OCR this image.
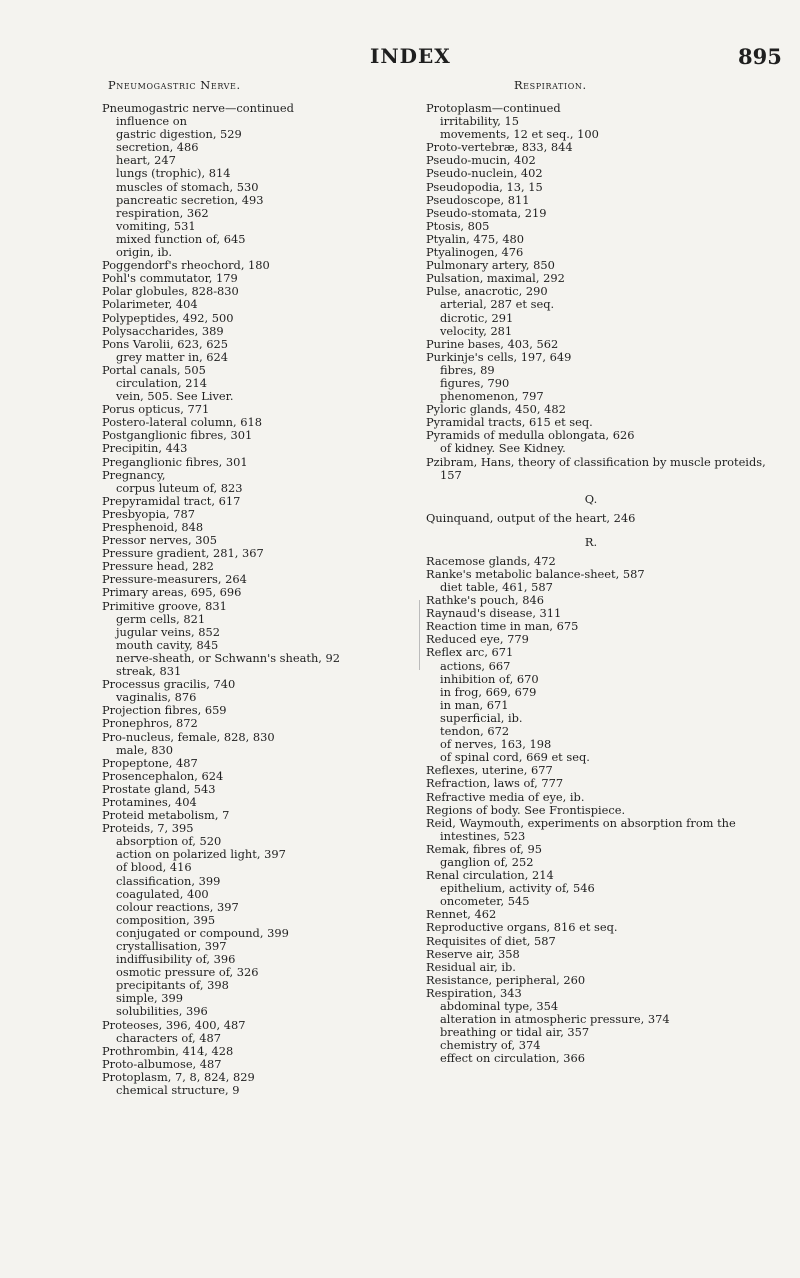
INDEX	895
Pneumogastric Nerve.
Pneumogastric nerve—continued
influence on
gastric digestion, 529
secretion, 486
heart, 247
lungs (trophic), 814
muscles of stomach, 530
pancreatic secretion, 493
respiration, 362
vomiting, 531
mixed function of, 645
origin, ib.
Poggendorf's rheochord, 180
Pohl's commutator, 179
Polar globules, 828-830
Polarimeter, 404
Polypeptides, 492, 500
Polysaccharides, 389
Pons Varolii, 623, 625
grey matter in, 624
Portal canals, 505
circulation, 214
vein, 505. See Liver.
Porus opticus, 771
Postero-lateral column, 618
Postganglionic fibres, 301
Precipitin, 443
Preganglionic fibres, 301
Pregnancy,
corpus luteum of, 823
Prepyramidal tract, 617
Presbyopia, 787
Presphenoid, 848
Pressor nerves, 305
Pressure gradient, 281, 367
Pressure head, 282
Pressure-measurers, 264
Primary areas, 695, 696
Primitive groove, 831
germ cells, 821
jugular veins, 852
mouth cavity, 845
nerve-sheath, or Schwann's sheath, 92
streak, 831
Processus gracilis, 740
vaginalis, 876
Projection fibres, 659
Pronephros, 872
Pro-nucleus, female, 828, 830
male, 830
Propeptone, 487
Prosencephalon, 624
Prostate gland, 543
Protamines, 404
Proteid metabolism, 7
Proteids, 7, 395
absorption of, 520
action on polarized light, 397
of blood, 416
classification, 399
coagulated, 400
colour reactions, 397
composition, 395
conjugated or compound, 399
crystallisation, 397
indiffusibility of, 396
osmotic pressure of, 326
precipitants of, 398
simple, 399
solubilities, 396
Proteoses, 396, 400, 487
characters of, 487
Prothrombin, 414, 428
Proto-albumose, 487
Protoplasm, 7, 8, 824, 829
chemical structure, 9
Respiration.
Protoplasm—continued
irritability, 15
movements, 12 et seq., 100
Proto-vertebræ, 833, 844
Pseudo-mucin, 402
Pseudo-nuclein, 402
Pseudopodia, 13, 15
Pseudoscope, 811
Pseudo-stomata, 219
Ptosis, 805
Ptyalin, 475, 480
Ptyalinogen, 476
Pulmonary artery, 850
Pulsation, maximal, 292
Pulse, anacrotic, 290
arterial, 287 et seq.
dicrotic, 291
velocity, 281
Purine bases, 403, 562
Purkinje's cells, 197, 649
fibres, 89
figures, 790
phenomenon, 797
Pyloric glands, 450, 482
Pyramidal tracts, 615 et seq.
Pyramids of medulla oblongata, 626
of kidney. See Kidney.
Pzibram, Hans, theory of classification by muscle proteids, 157
Q.
Quinquand, output of the heart, 246
R.
Racemose glands, 472
Ranke's metabolic balance-sheet, 587
diet table, 461, 587
Rathke's pouch, 846
Raynaud's disease, 311
Reaction time in man, 675
Reduced eye, 779
Reflex arc, 671
actions, 667
inhibition of, 670
in frog, 669, 679
in man, 671
superficial, ib.
tendon, 672
of nerves, 163, 198
of spinal cord, 669 et seq.
Reflexes, uterine, 677
Refraction, laws of, 777
Refractive media of eye, ib.
Regions of body. See Frontispiece.
Reid, Waymouth, experiments on absorption from the intestines, 523
Remak, fibres of, 95
ganglion of, 252
Renal circulation, 214
epithelium, activity of, 546
oncometer, 545
Rennet, 462
Reproductive organs, 816 et seq.
Requisites of diet, 587
Reserve air, 358
Residual air, ib.
Resistance, peripheral, 260
Respiration, 343
abdominal type, 354
alteration in atmospheric pressure, 374
breathing or tidal air, 357
chemistry of, 374
effect on circulation, 366
